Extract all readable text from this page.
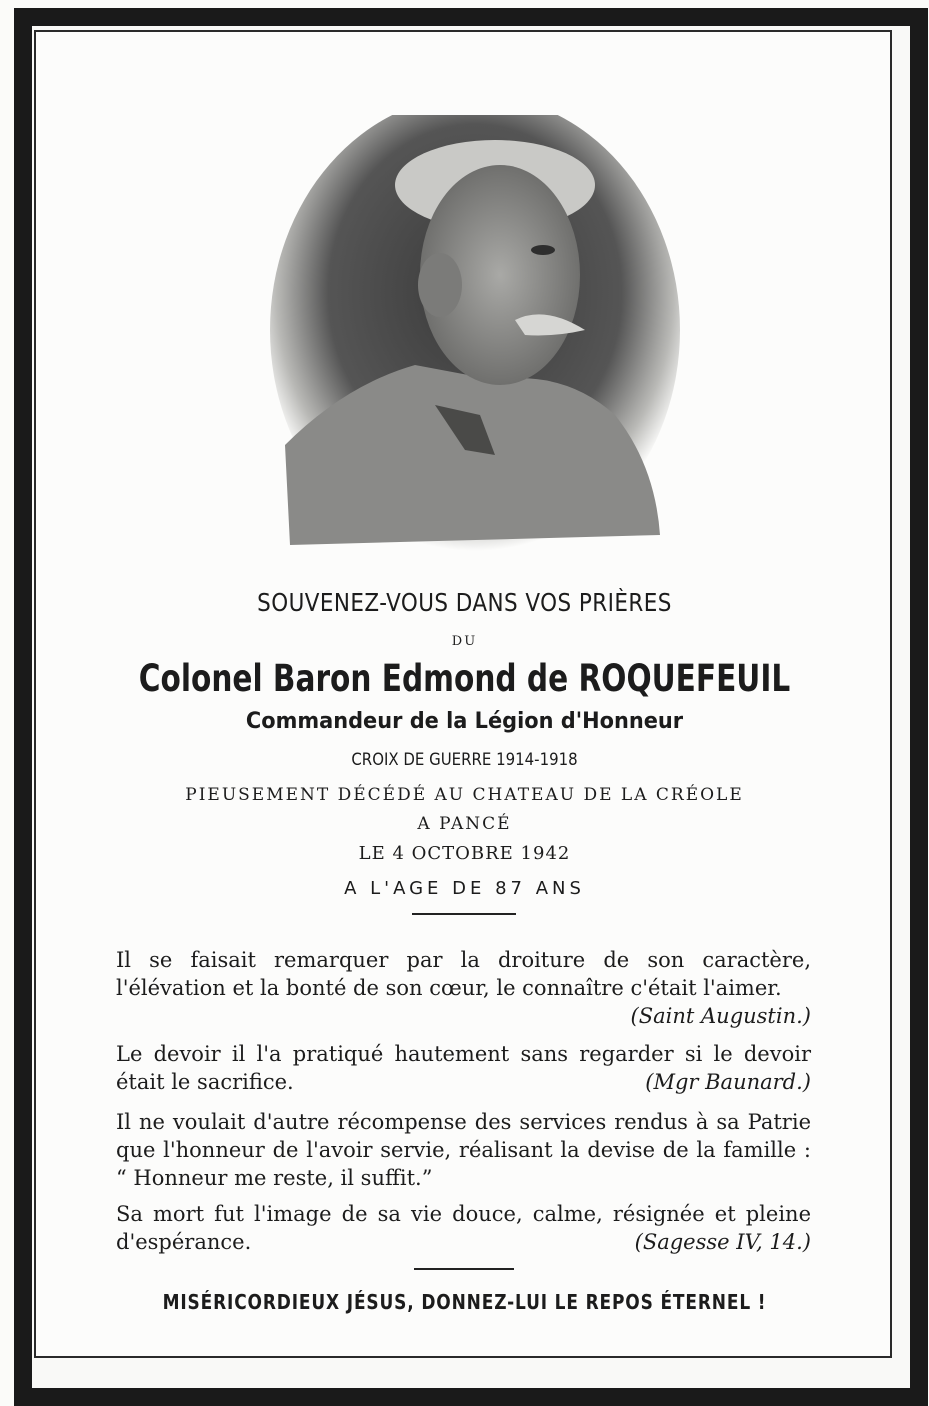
SOUVENEZ-VOUS DANS VOS PRIÈRES
DU
Colonel Baron Edmond de ROQUEFEUIL
Commandeur de la Légion d'Honneur
CROIX DE GUERRE 1914-1918
PIEUSEMENT DÉCÉDÉ AU CHATEAU DE LA CRÉOLE
A PANCÉ
LE 4 OCTOBRE 1942
A L'AGE DE 87 ANS
Il se faisait remarquer par la droiture de son caractère, l'élévation et la bonté de son cœur, le connaître c'était l'aimer.
(Saint Augustin.)
Le devoir il l'a pratiqué hautement sans regarder si le devoir était le sacrifice.	(Mgr Baunard.)
Il ne voulait d'autre récompense des services rendus à sa Patrie que l'honneur de l'avoir servie, réalisant la devise de la famille : “ Honneur me reste, il suffit.”
Sa mort fut l'image de sa vie douce, calme, résignée et pleine d'espérance.	(Sagesse IV, 14.)
MISÉRICORDIEUX JÉSUS, DONNEZ-LUI LE REPOS ÉTERNEL !
